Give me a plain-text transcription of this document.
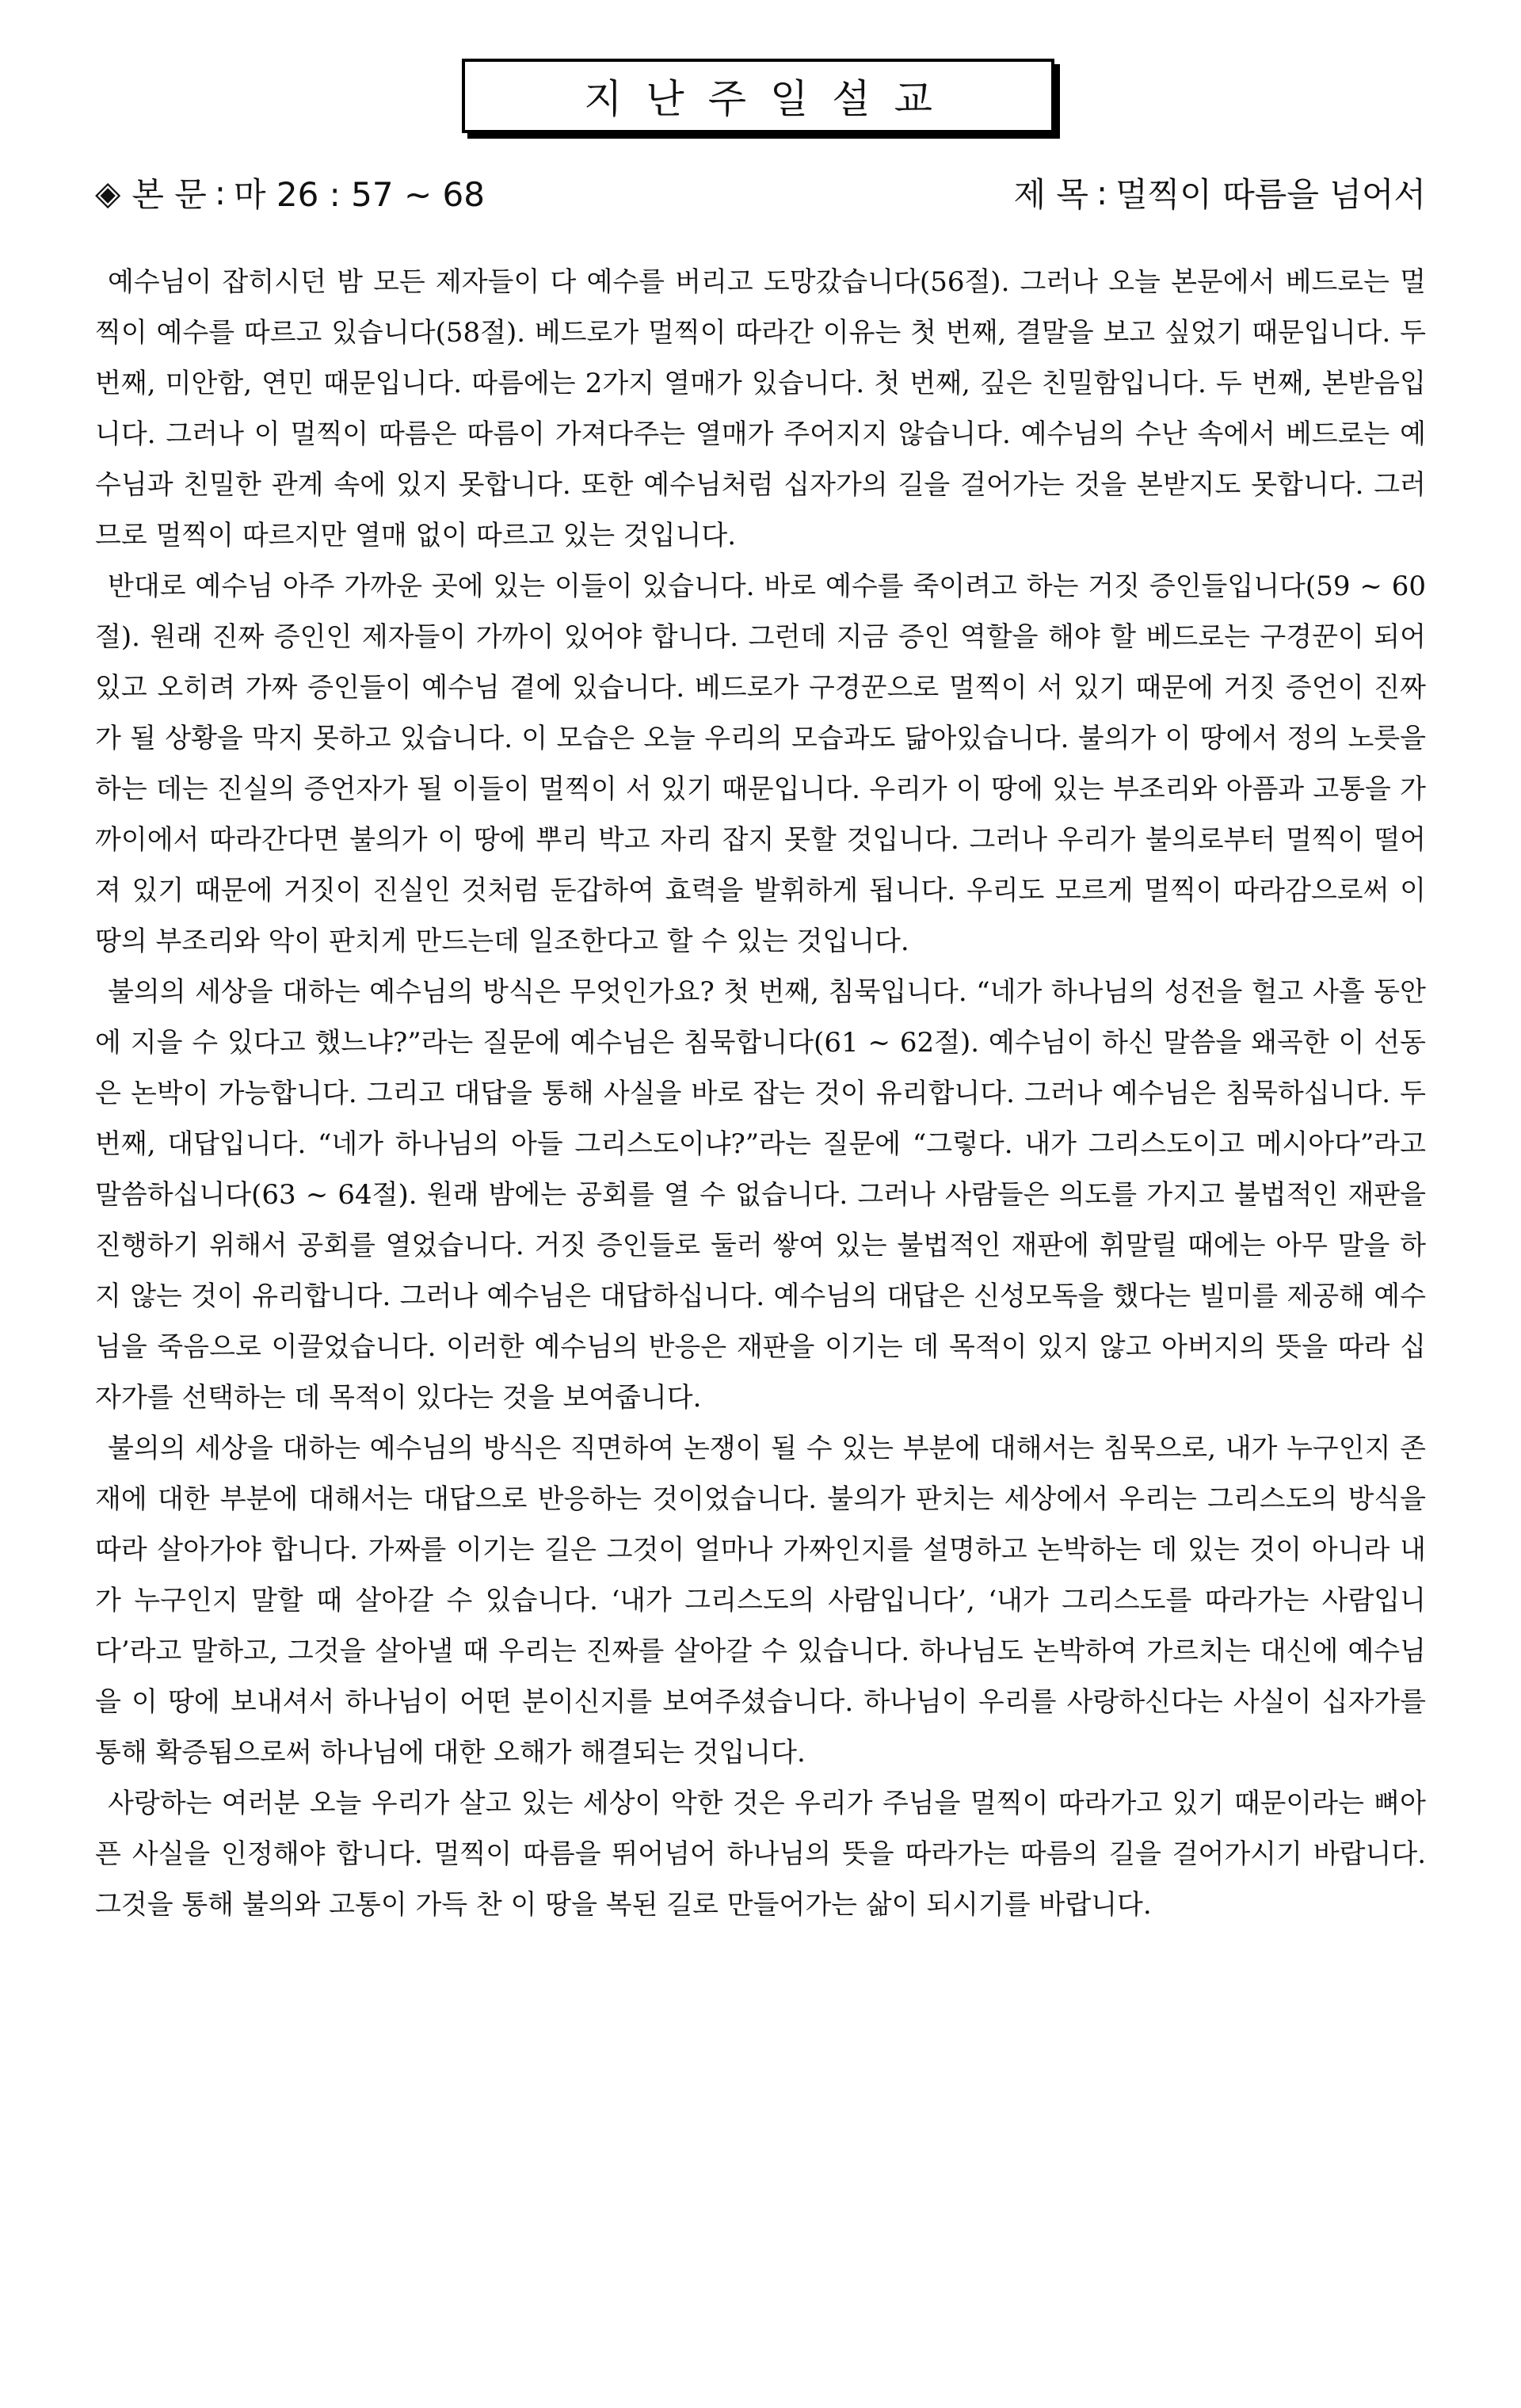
지난주일설교
◈ 본 문 : 마 26 : 57 ~ 68	제 목 : 멀찍이 따름을 넘어서

예수님이 잡히시던 밤 모든 제자들이 다 예수를 버리고 도망갔습니다(56절). 그러나 오늘 본문에서 베드로는 멀찍이 예수를 따르고 있습니다(58절). 베드로가 멀찍이 따라간 이유는 첫 번째, 결말을 보고 싶었기 때문입니다. 두 번째, 미안함, 연민 때문입니다. 따름에는 2가지 열매가 있습니다. 첫 번째, 깊은 친밀함입니다. 두 번째, 본받음입니다. 그러나 이 멀찍이 따름은 따름이 가져다주는 열매가 주어지지 않습니다. 예수님의 수난 속에서 베드로는 예수님과 친밀한 관계 속에 있지 못합니다. 또한 예수님처럼 십자가의 길을 걸어가는 것을 본받지도 못합니다. 그러므로 멀찍이 따르지만 열매 없이 따르고 있는 것입니다.

반대로 예수님 아주 가까운 곳에 있는 이들이 있습니다. 바로 예수를 죽이려고 하는 거짓 증인들입니다(59 ~ 60절). 원래 진짜 증인인 제자들이 가까이 있어야 합니다. 그런데 지금 증인 역할을 해야 할 베드로는 구경꾼이 되어 있고 오히려 가짜 증인들이 예수님 곁에 있습니다. 베드로가 구경꾼으로 멀찍이 서 있기 때문에 거짓 증언이 진짜가 될 상황을 막지 못하고 있습니다. 이 모습은 오늘 우리의 모습과도 닮아있습니다. 불의가 이 땅에서 정의 노릇을 하는 데는 진실의 증언자가 될 이들이 멀찍이 서 있기 때문입니다. 우리가 이 땅에 있는 부조리와 아픔과 고통을 가까이에서 따라간다면 불의가 이 땅에 뿌리 박고 자리 잡지 못할 것입니다. 그러나 우리가 불의로부터 멀찍이 떨어져 있기 때문에 거짓이 진실인 것처럼 둔갑하여 효력을 발휘하게 됩니다. 우리도 모르게 멀찍이 따라감으로써 이 땅의 부조리와 악이 판치게 만드는데 일조한다고 할 수 있는 것입니다.

불의의 세상을 대하는 예수님의 방식은 무엇인가요? 첫 번째, 침묵입니다. “네가 하나님의 성전을 헐고 사흘 동안에 지을 수 있다고 했느냐?”라는 질문에 예수님은 침묵합니다(61 ~ 62절). 예수님이 하신 말씀을 왜곡한 이 선동은 논박이 가능합니다. 그리고 대답을 통해 사실을 바로 잡는 것이 유리합니다. 그러나 예수님은 침묵하십니다. 두 번째, 대답입니다. “네가 하나님의 아들 그리스도이냐?”라는 질문에 “그렇다. 내가 그리스도이고 메시아다”라고 말씀하십니다(63 ~ 64절). 원래 밤에는 공회를 열 수 없습니다. 그러나 사람들은 의도를 가지고 불법적인 재판을 진행하기 위해서 공회를 열었습니다. 거짓 증인들로 둘러 쌓여 있는 불법적인 재판에 휘말릴 때에는 아무 말을 하지 않는 것이 유리합니다. 그러나 예수님은 대답하십니다. 예수님의 대답은 신성모독을 했다는 빌미를 제공해 예수님을 죽음으로 이끌었습니다. 이러한 예수님의 반응은 재판을 이기는 데 목적이 있지 않고 아버지의 뜻을 따라 십자가를 선택하는 데 목적이 있다는 것을 보여줍니다.

불의의 세상을 대하는 예수님의 방식은 직면하여 논쟁이 될 수 있는 부분에 대해서는 침묵으로, 내가 누구인지 존재에 대한 부분에 대해서는 대답으로 반응하는 것이었습니다. 불의가 판치는 세상에서 우리는 그리스도의 방식을 따라 살아가야 합니다. 가짜를 이기는 길은 그것이 얼마나 가짜인지를 설명하고 논박하는 데 있는 것이 아니라 내가 누구인지 말할 때 살아갈 수 있습니다. ‘내가 그리스도의 사람입니다’, ‘내가 그리스도를 따라가는 사람입니다’라고 말하고, 그것을 살아낼 때 우리는 진짜를 살아갈 수 있습니다. 하나님도 논박하여 가르치는 대신에 예수님을 이 땅에 보내셔서 하나님이 어떤 분이신지를 보여주셨습니다. 하나님이 우리를 사랑하신다는 사실이 십자가를 통해 확증됨으로써 하나님에 대한 오해가 해결되는 것입니다.

사랑하는 여러분 오늘 우리가 살고 있는 세상이 악한 것은 우리가 주님을 멀찍이 따라가고 있기 때문이라는 뼈아픈 사실을 인정해야 합니다. 멀찍이 따름을 뛰어넘어 하나님의 뜻을 따라가는 따름의 길을 걸어가시기 바랍니다. 그것을 통해 불의와 고통이 가득 찬 이 땅을 복된 길로 만들어가는 삶이 되시기를 바랍니다.
